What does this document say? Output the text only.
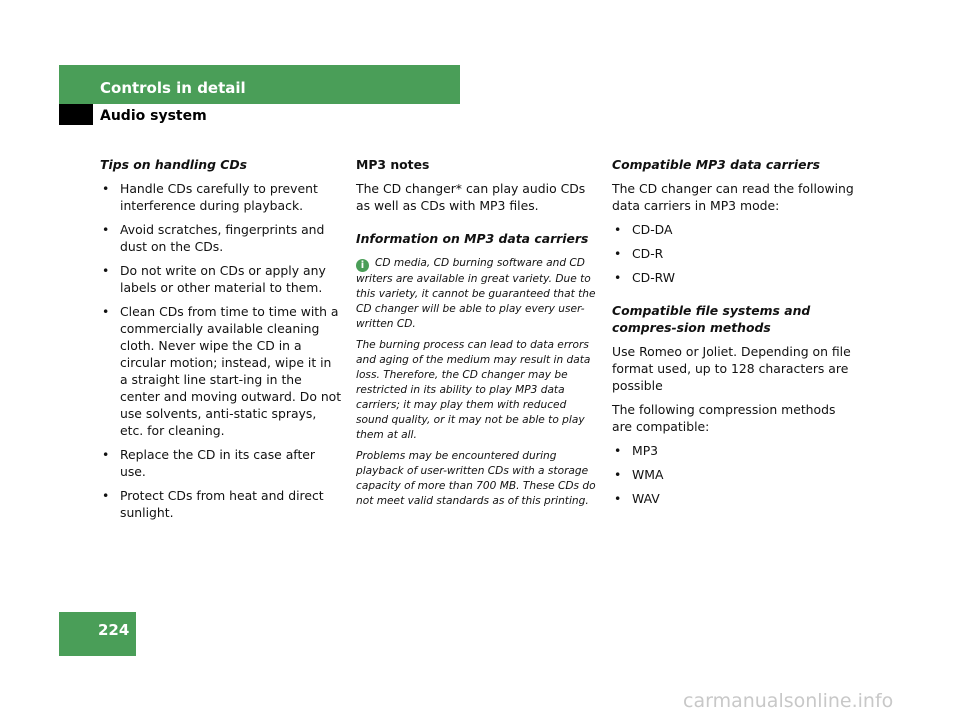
Controls in detail
Audio system
Tips on handling CDs
• Handle CDs carefully to prevent interference during playback.
• Avoid scratches, fingerprints and dust on the CDs.
• Do not write on CDs or apply any labels or other material to them.
• Clean CDs from time to time with a commercially available cleaning cloth. Never wipe the CD in a circular motion; instead, wipe it in a straight line start-ing in the center and moving outward. Do not use solvents, anti-static sprays, etc. for cleaning.
• Replace the CD in its case after use.
• Protect CDs from heat and direct sunlight.
MP3 notes

The CD changer* can play audio CDs as well as CDs with MP3 files.

Information on MP3 data carriers

i CD media, CD burning software and CD writers are available in great variety. Due to this variety, it cannot be guaranteed that the CD changer will be able to play every user-written CD.

The burning process can lead to data errors and aging of the medium may result in data loss. Therefore, the CD changer may be restricted in its ability to play MP3 data carriers; it may play them with reduced sound quality, or it may not be able to play them at all.

Problems may be encountered during playback of user-written CDs with a storage capacity of more than 700 MB. These CDs do not meet valid standards as of this printing.

Compatible MP3 data carriers

The CD changer can read the following data carriers in MP3 mode:

• CD-DA
• CD-R
• CD-RW
Compatible file systems and compres-sion methods

Use Romeo or Joliet. Depending on file format used, up to 128 characters are possible

The following compression methods are compatible:

• MP3
• WMA
• WAV
224
carmanualsonline.info
